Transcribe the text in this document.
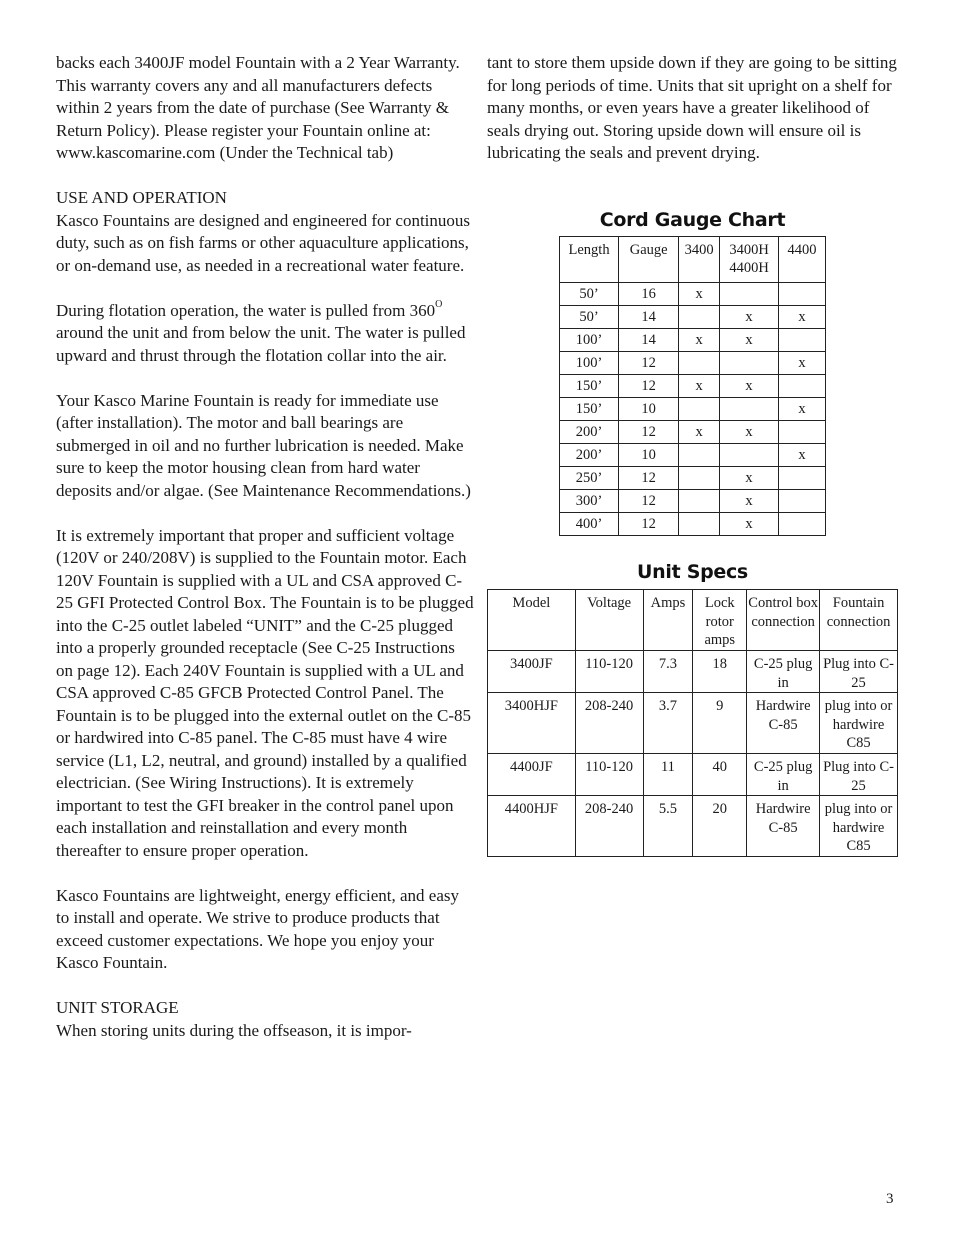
backs each 3400JF model Fountain with a 2 Year Warranty. This warranty covers any and all manufacturers defects within 2 years from the date of purchase (See Warranty & Return Policy). Please register your Fountain online at: www.kascomarine.com (Under the Technical tab)

USE AND OPERATION
Kasco Fountains are designed and engineered for continuous duty, such as on fish farms or other aquaculture applications, or on-demand use, as needed in a recreational water feature.

During flotation operation, the water is pulled from $360^O$ around the unit and from below the unit. The water is pulled upward and thrust through the flotation collar into the air.

Your Kasco Marine Fountain is ready for immediate use (after installation). The motor and ball bearings are submerged in oil and no further lubrication is needed. Make sure to keep the motor housing clean from hard water deposits and/or algae. (See Maintenance Recommendations.)

It is extremely important that proper and sufficient voltage (120V or 240/208V) is supplied to the Fountain motor. Each 120V Fountain is supplied with a UL and CSA approved C-25 GFI Protected Control Box. The Fountain is to be plugged into the C-25 outlet labeled “UNIT” and the C-25 plugged into a properly grounded receptacle (See C-25 Instructions on page 12). Each 240V Fountain is supplied with a UL and CSA approved C-85 GFCB Protected Control Panel. The Fountain is to be plugged into the external outlet on the C-85 or hardwired into C-85 panel. The C-85 must have 4 wire service (L1, L2, neutral, and ground) installed by a qualified electrician. (See Wiring Instructions). It is extremely important to test the GFI breaker in the control panel upon each installation and reinstallation and every month thereafter to ensure proper operation.

Kasco Fountains are lightweight, energy efficient, and easy to install and operate. We strive to produce products that exceed customer expectations. We hope you enjoy your Kasco Fountain.

UNIT STORAGE
When storing units during the offseason, it is impor-

tant to store them upside down if they are going to be sitting for long periods of time. Units that sit upright on a shelf for many months, or even years have a greater likelihood of seals drying out. Storing upside down will ensure oil is lubricating the seals and prevent drying.

Cord Gauge Chart
Length	Gauge	3400	3400H 4400H	4400
50’	16	x		
50’	14		x	x
100’	14	x	x	
100’	12			x
150’	12	x	x	
150’	10			x
200’	12	x	x	
200’	10			x
250’	12		x	
300’	12		x	
400’	12		x	
Unit Specs
Model	Voltage	Amps	Lock rotor amps	Control box connection	Fountain connection
3400JF	110-120	7.3	18	C-25 plug in	Plug into C-25
3400HJF	208-240	3.7	9	Hardwire C-85	plug into or hardwire C85
4400JF	110-120	11	40	C-25 plug in	Plug into C-25
4400HJF	208-240	5.5	20	Hardwire C-85	plug into or hardwire C85
3
